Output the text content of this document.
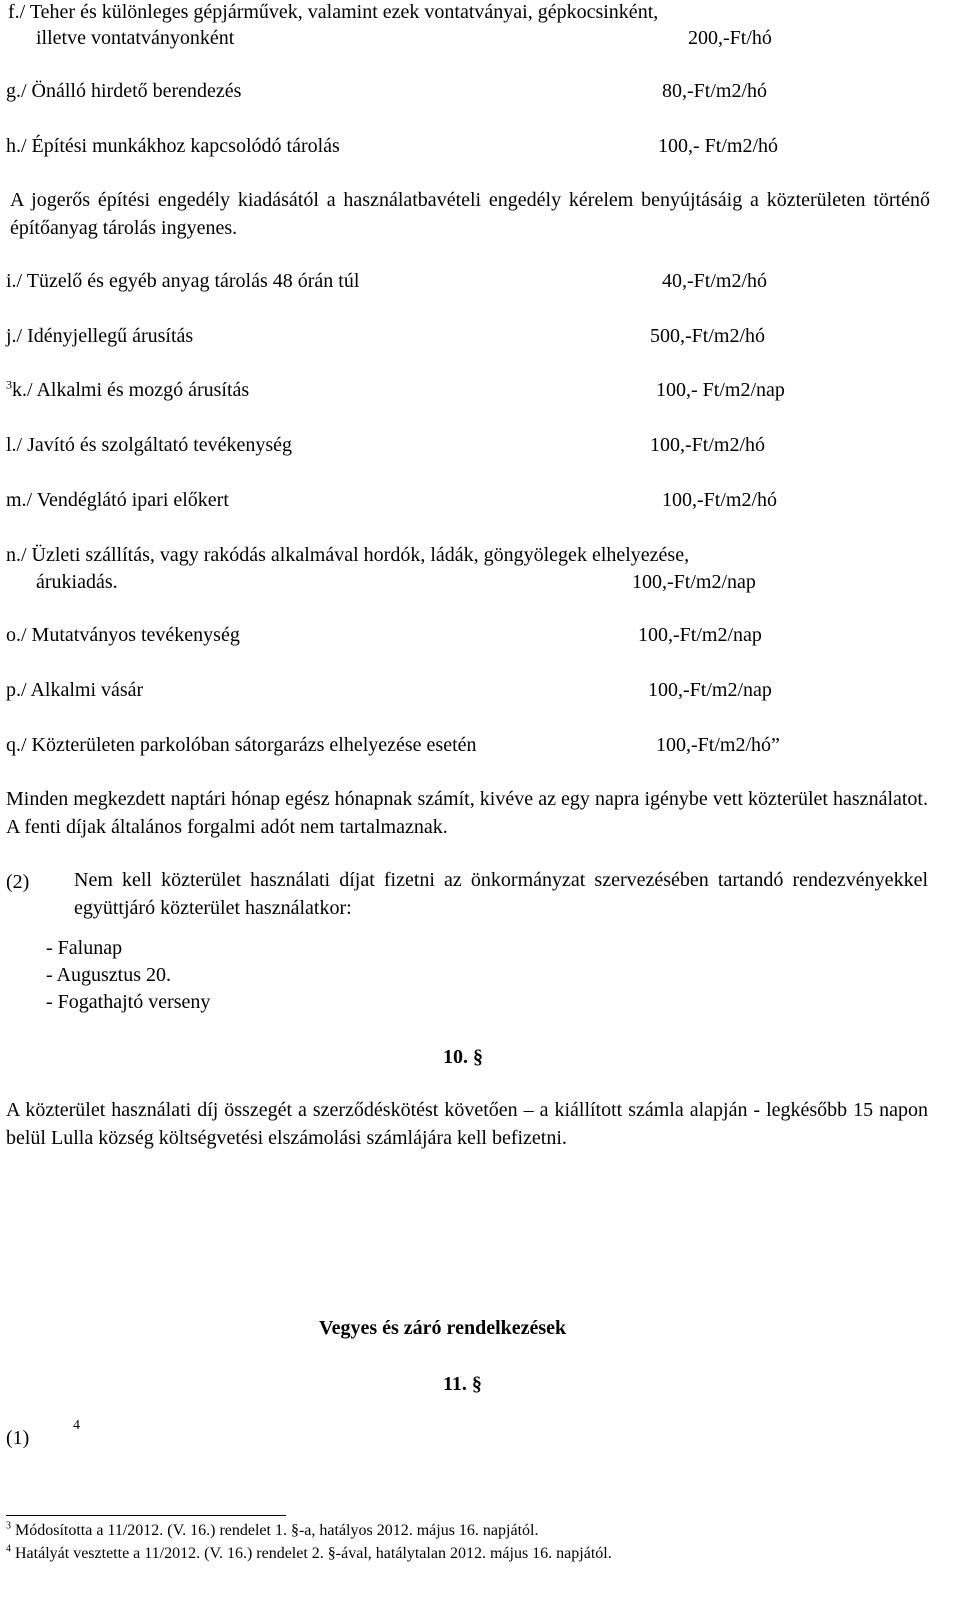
f./ Teher és különleges gépjárművek, valamint ezek vontatványai, gépkocsinként,
illetve vontatványonként	200,-Ft/hó
g./ Önálló hirdető berendezés	80,-Ft/m2/hó
h./ Építési munkákhoz kapcsolódó tárolás	100,- Ft/m2/hó
A jogerős építési engedély kiadásától a használatbavételi engedély kérelem benyújtásáig a közterületen történő építőanyag tárolás ingyenes.
i./ Tüzelő és egyéb anyag tárolás 48 órán túl	40,-Ft/m2/hó
j./ Idényjellegű árusítás	500,-Ft/m2/hó
$^3$k./ Alkalmi és mozgó árusítás	100,- Ft/m2/nap
l./ Javító és szolgáltató tevékenység	100,-Ft/m2/hó
m./ Vendéglátó ipari előkert	100,-Ft/m2/hó
n./ Üzleti szállítás, vagy rakódás alkalmával hordók, ládák, göngyölegek elhelyezése,
árukiadás.	100,-Ft/m2/nap
o./ Mutatványos tevékenység	100,-Ft/m2/nap
p./ Alkalmi vásár	100,-Ft/m2/nap
q./ Közterületen parkolóban sátorgarázs elhelyezése esetén	100,-Ft/m2/hó”
Minden megkezdett naptári hónap egész hónapnak számít, kivéve az egy napra igénybe vett közterület használatot. A fenti díjak általános forgalmi adót nem tartalmaznak.
(2) Nem kell közterület használati díjat fizetni az önkormányzat szervezésében tartandó rendezvényekkel együttjáró közterület használatkor:
- Falunap
- Augusztus 20.
- Fogathajtó verseny
10. §
A közterület használati díj összegét a szerződéskötést követően – a kiállított számla alapján - legkésőbb 15 napon belül Lulla község költségvetési elszámolási számlájára kell befizetni.
Vegyes és záró rendelkezések
11. §
(1)
4
$^3$ Módosította a 11/2012. (V. 16.) rendelet 1. §-a, hatályos 2012. május 16. napjától.
$^4$ Hatályát vesztette a 11/2012. (V. 16.) rendelet 2. §-ával, hatálytalan 2012. május 16. napjától.
